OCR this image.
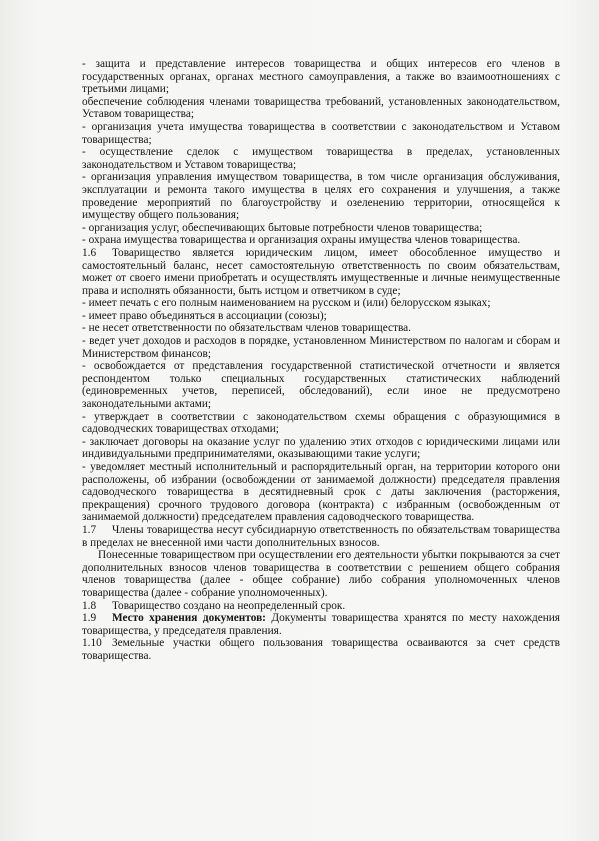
- защита и представление интересов товарищества и общих интересов его членов в государственных органах, органах местного самоуправления, а также во взаимоотношениях с третьими лицами;

обеспечение соблюдения членами товарищества требований, установленных законодательством, Уставом товарищества;

- организация учета имущества товарищества в соответствии с законодательством и Уставом товарищества;

- осуществление сделок с имуществом товарищества в пределах, установленных законодательством и Уставом товарищества;

- организация управления имуществом товарищества, в том числе организация обслуживания, эксплуатации и ремонта такого имущества в целях его сохранения и улучшения, а также проведение мероприятий по благоустройству и озеленению территории, относящейся к имуществу общего пользования;

- организация услуг, обеспечивающих бытовые потребности членов товарищества;

- охрана имущества товарищества и организация охраны имущества членов товарищества.

1.6 Товарищество является юридическим лицом, имеет обособленное имущество и самостоятельный баланс, несет самостоятельную ответственность по своим обязательствам, может от своего имени приобретать и осуществлять имущественные и личные неимущественные права и исполнять обязанности, быть истцом и ответчиком в суде;

- имеет печать с его полным наименованием на русском и (или) белорусском языках;

- имеет право объединяться в ассоциации (союзы);

- не несет ответственности по обязательствам членов товарищества.

- ведет учет доходов и расходов в порядке, установленном Министерством по налогам и сборам и Министерством финансов;

- освобождается от представления государственной статистической отчетности и является респондентом только специальных государственных статистических наблюдений (единовременных учетов, переписей, обследований), если иное не предусмотрено законодательными актами;

- утверждает в соответствии с законодательством схемы обращения с образующимися в садоводческих товариществах отходами;

- заключает договоры на оказание услуг по удалению этих отходов с юридическими лицами или индивидуальными предпринимателями, оказывающими такие услуги;

- уведомляет местный исполнительный и распорядительный орган, на территории которого они расположены, об избрании (освобождении от занимаемой должности) председателя правления садоводческого товарищества в десятидневный срок с даты заключения (расторжения, прекращения) срочного трудового договора (контракта) с избранным (освобожденным от занимаемой должности) председателем правления садоводческого товарищества.

1.7 Члены товарищества несут субсидиарную ответственность по обязательствам товарищества в пределах не внесенной ими части дополнительных взносов.

Понесенные товариществом при осуществлении его деятельности убытки покрываются за счет дополнительных взносов членов товарищества в соответствии с решением общего собрания членов товарищества (далее - общее собрание) либо собрания уполномоченных членов товарищества (далее - собрание уполномоченных).

1.8 Товарищество создано на неопределенный срок.

1.9 Место хранения документов: Документы товарищества хранятся по месту нахождения товарищества, у председателя правления.

1.10 Земельные участки общего пользования товарищества осваиваются за счет средств товарищества.
